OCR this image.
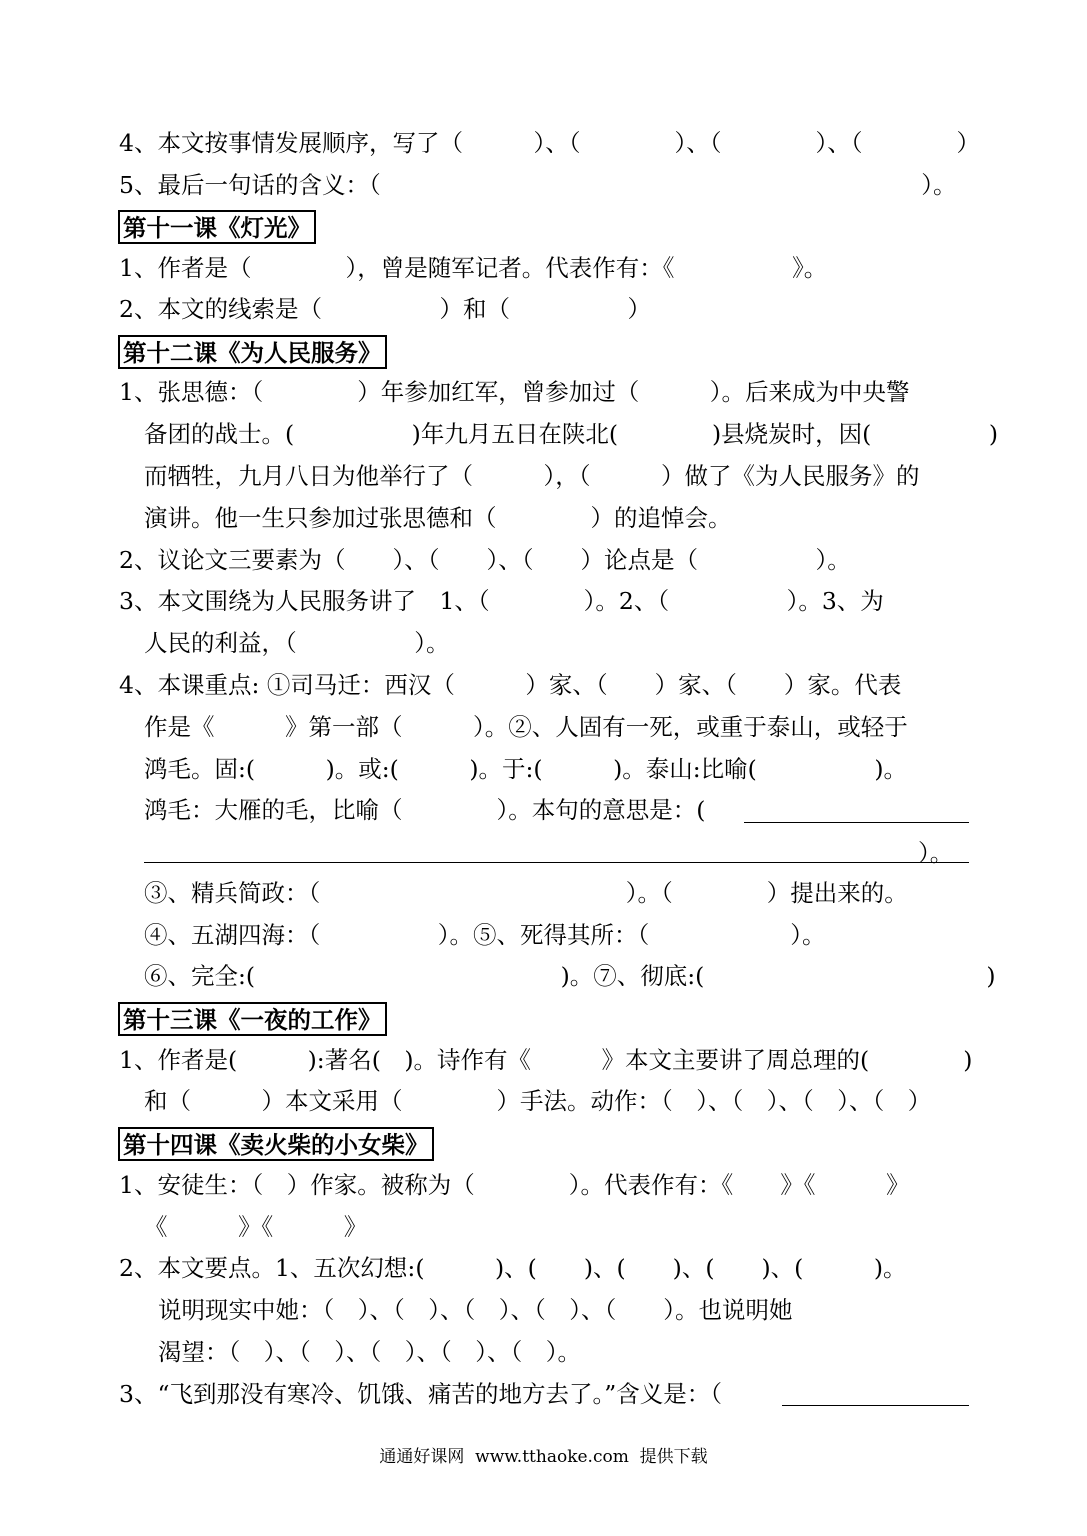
4、本文按事情发展顺序，写了（　　　）、（　　　　）、（　　　　）、（　　　　）
5、最后一句话的含义：（　　　　　　　　　　　　　　　　　　　　　　　）。
第十一课《灯光》
1、作者是（　　　　），曾是随军记者。代表作有：《　　　　　》。
2、本文的线索是（　　　　　）和（　　　　　）
第十二课《为人民服务》
1、张思德：（　　　　）年参加红军，曾参加过（　　　）。后来成为中央警
备团的战士。(　　　　　)年九月五日在陕北(　　　　)县烧炭时，因(　　　　　)
而牺牲，九月八日为他举行了（　　　），（　　　）做了《为人民服务》的
演讲。他一生只参加过张思德和（　　　　）的追悼会。
2、议论文三要素为（　　）、（　　）、（　　）论点是（　　　　　）。
3、本文围绕为人民服务讲了　1、（　　　　）。2、（　　　　　）。3、为
人民的利益，（　　　　　）。
4、本课重点: ①司马迁：西汉（　　　）家、（　　）家、（　　）家。代表
作是《　　　》第一部（　　　）。②、人固有一死，或重于泰山，或轻于
鸿毛。固:(　　　)。或:(　　　)。于:(　　　)。泰山:比喻(　　　　　)。
鸿毛：大雁的毛，比喻（　　　　）。本句的意思是：(
）。
③、精兵简政：（　　　　　　　　　　　　　）。（　　　　）提出来的。
④、五湖四海：（　　　　　）。⑤、死得其所：（　　　　　　）。
⑥、完全:(　　　　　　　　　　　　　)。⑦、彻底:(　　　　　　　　　　　　)
第十三课《一夜的工作》
1、作者是(　　　):著名(　)。诗作有《　　　》本文主要讲了周总理的(　　　　)
和（　　　）本文采用（　　　　）手法。动作：（　）、（　）、（　）、（　）
第十四课《卖火柴的小女柴》
1、安徒生：（　）作家。被称为（　　　　）。代表作有：《　　》《　　　》
《　　　》《　　　》
2、本文要点。1、五次幻想:(　　　)、(　　)、(　　)、(　　)、(　　　)。
说明现实中她：（　）、（　）、（　）、（　）、（　　）。也说明她
渴望：（　）、（　）、（　）、（　）、（　）。
3、“飞到那没有寒冷、饥饿、痛苦的地方去了。”含义是：（
通通好课网  www.tthaoke.com  提供下载
